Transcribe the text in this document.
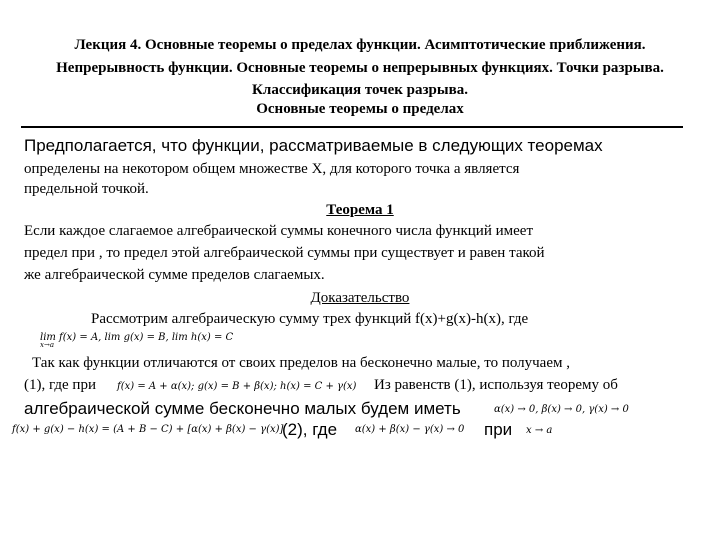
Лекция 4. Основные теоремы о пределах функции. Асимптотические приближения. Непрерывность функции. Основные теоремы о непрерывных функциях. Точки разрыва. Классификация точек разрыва.
Основные теоремы о пределах
Предполагается, что функции, рассматриваемые в следующих теоремах
определены на некотором общем множестве X, для которого точка a является
предельной точкой.
Теорема 1
Если каждое слагаемое алгебраической суммы конечного числа функций имеет
предел при , то предел этой алгебраической суммы при существует и равен такой
же алгебраической сумме пределов слагаемых.
Доказательство
Рассмотрим алгебраическую сумму трех функций f(x)+g(x)-h(x), где
lim f(x) = A, lim g(x) = B, lim h(x) = C
x→a
Так как функции отличаются от своих пределов на бесконечно малые, то получаем ,
(1), где при f(x) = A + α(x); g(x) = B + β(x); h(x) = C + γ(x) Из равенств (1), используя теорему об
алгебраической сумме бесконечно малых будем иметь	α(x) → 0, β(x) → 0, γ(x) → 0
f(x) + g(x) − h(x) = (A + B − C) + [α(x) + β(x) − γ(x)]
(2), где α(x) + β(x) − γ(x) → 0 при x → a
